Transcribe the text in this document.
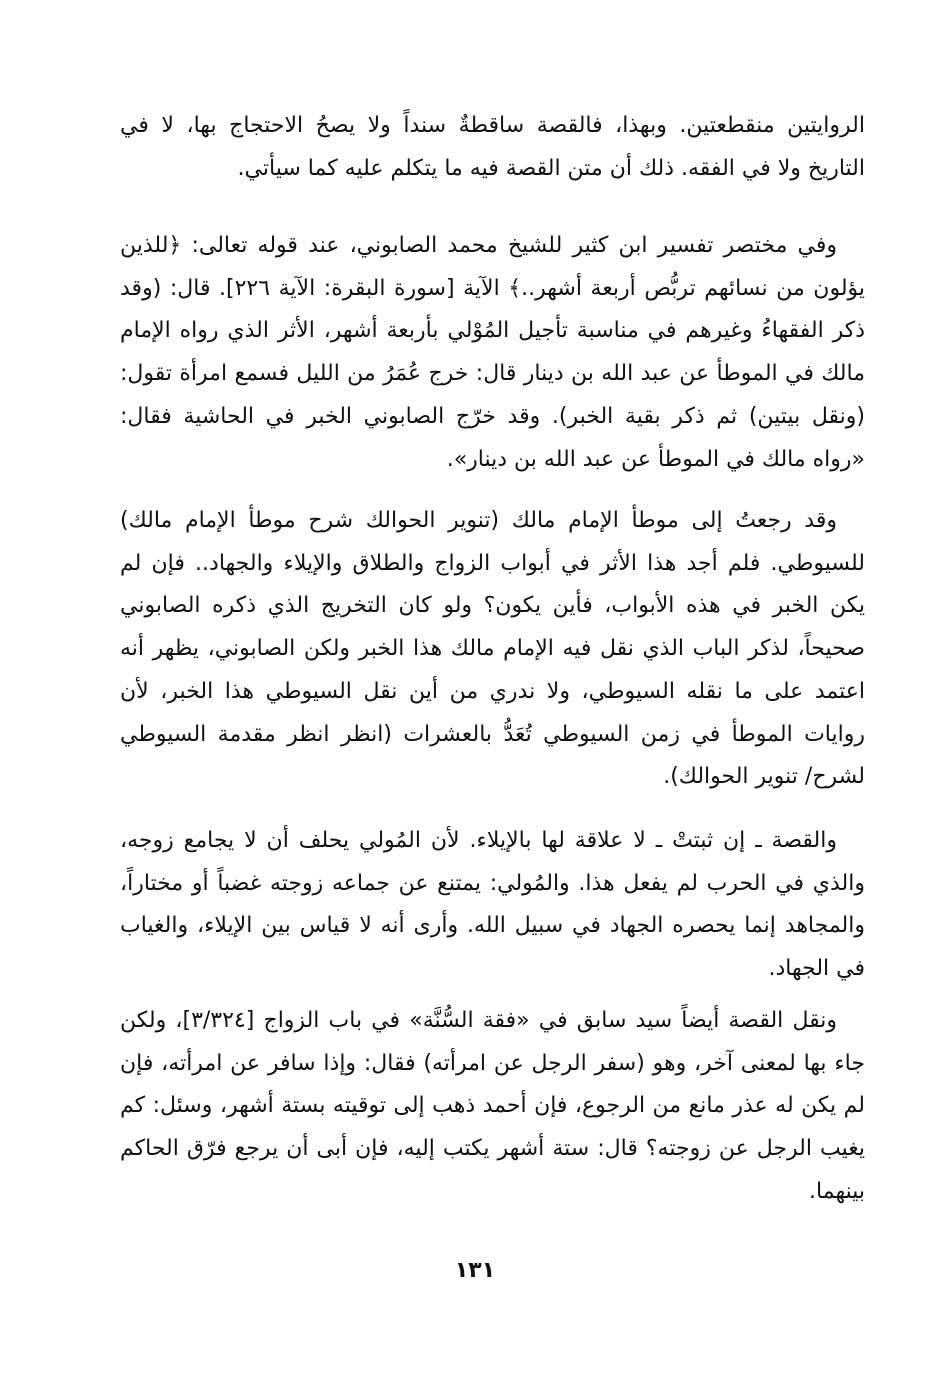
الروايتين منقطعتين. وبهذا، فالقصة ساقطةٌ سنداً ولا يصحُ الاحتجاج بها، لا في التاريخ ولا في الفقه. ذلك أن متن القصة فيه ما يتكلم عليه كما سيأتي.

وفي مختصر تفسير ابن كثير للشيخ محمد الصابوني، عند قوله تعالى: ﴿للذين يؤلون من نسائهم تربُّص أربعة أشهر..﴾ الآية [سورة البقرة: الآية ٢٢٦]. قال: (وقد ذكر الفقهاءُ وغيرهم في مناسبة تأجيل المُوْلي بأربعة أشهر، الأثر الذي رواه الإمام مالك في الموطأ عن عبد الله بن دينار قال: خرج عُمَرُ من الليل فسمع امرأة تقول: (ونقل بيتين) ثم ذكر بقية الخبر). وقد خرّج الصابوني الخبر في الحاشية فقال: «رواه مالك في الموطأ عن عبد الله بن دينار».

وقد رجعتُ إلى موطأ الإمام مالك (تنوير الحوالك شرح موطأ الإمام مالك) للسيوطي. فلم أجد هذا الأثر في أبواب الزواج والطلاق والإيلاء والجهاد.. فإن لم يكن الخبر في هذه الأبواب، فأين يكون؟ ولو كان التخريج الذي ذكره الصابوني صحيحاً، لذكر الباب الذي نقل فيه الإمام مالك هذا الخبر ولكن الصابوني، يظهر أنه اعتمد على ما نقله السيوطي، ولا ندري من أين نقل السيوطي هذا الخبر، لأن روايات الموطأ في زمن السيوطي تُعَدُّ بالعشرات (انظر انظر مقدمة السيوطي لشرح/ تنوير الحوالك).

والقصة ـ إن ثبتتْ ـ لا علاقة لها بالإيلاء. لأن المُولي يحلف أن لا يجامع زوجه، والذي في الحرب لم يفعل هذا. والمُولي: يمتنع عن جماعه زوجته غضباً أو مختاراً، والمجاهد إنما يحصره الجهاد في سبيل الله. وأرى أنه لا قياس بين الإيلاء، والغياب في الجهاد.

ونقل القصة أيضاً سيد سابق في «فقة السُّنَّة» في باب الزواج [٣/٣٢٤]، ولكن جاء بها لمعنى آخر، وهو (سفر الرجل عن امرأته) فقال: وإذا سافر عن امرأته، فإن لم يكن له عذر مانع من الرجوع، فإن أحمد ذهب إلى توقيته بستة أشهر، وسئل: كم يغيب الرجل عن زوجته؟ قال: ستة أشهر يكتب إليه، فإن أبى أن يرجع فرّق الحاكم بينهما.

١٣١
